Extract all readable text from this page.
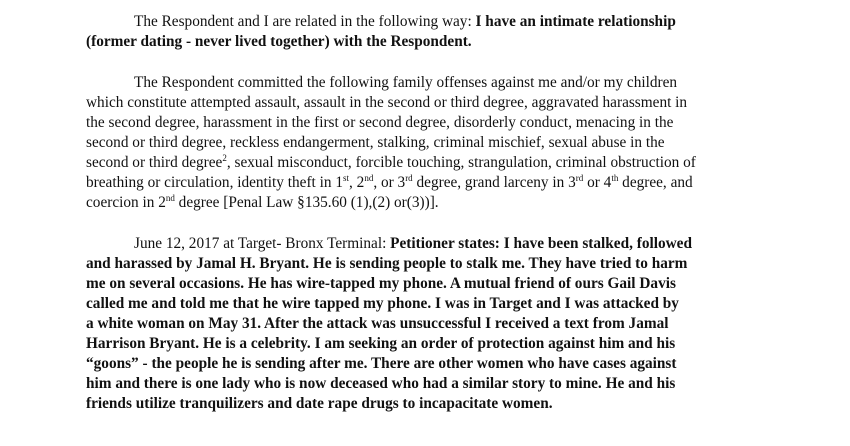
The Respondent and I are related in the following way: I have an intimate relationship
(former dating - never lived together) with the Respondent.
The Respondent committed the following family offenses against me and/or my children
which constitute attempted assault, assault in the second or third degree, aggravated harassment in
the second degree, harassment in the first or second degree, disorderly conduct, menacing in the
second or third degree, reckless endangerment, stalking, criminal mischief, sexual abuse in the
second or third degree$^2$, sexual misconduct, forcible touching, strangulation, criminal obstruction of
breathing or circulation, identity theft in 1st, 2nd, or 3rd degree, grand larceny in 3rd or 4th degree, and
coercion in 2nd degree [Penal Law §135.60 (1),(2) or(3))].
June 12, 2017 at Target- Bronx Terminal: Petitioner states: I have been stalked, followed
and harassed by Jamal H. Bryant. He is sending people to stalk me. They have tried to harm
me on several occasions. He has wire-tapped my phone. A mutual friend of ours Gail Davis
called me and told me that he wire tapped my phone. I was in Target and I was attacked by
a white woman on May 31. After the attack was unsuccessful I received a text from Jamal
Harrison Bryant. He is a celebrity. I am seeking an order of protection against him and his
“goons” - the people he is sending after me. There are other women who have cases against
him and there is one lady who is now deceased who had a similar story to mine. He and his
friends utilize tranquilizers and date rape drugs to incapacitate women.
